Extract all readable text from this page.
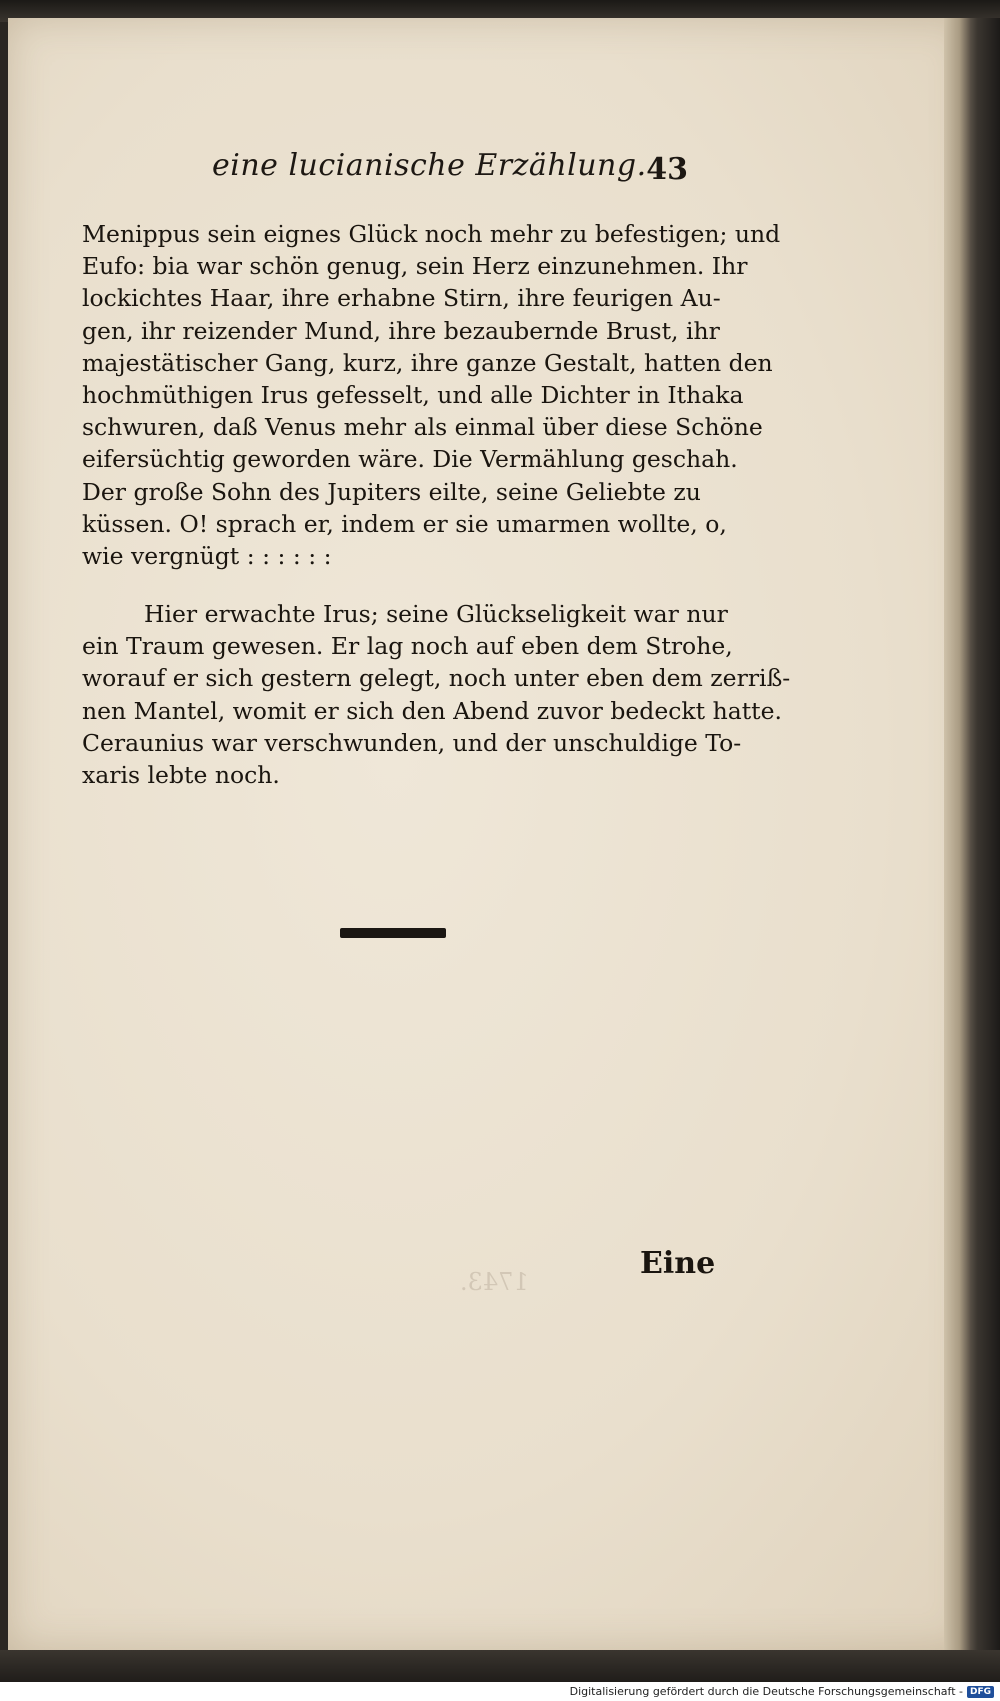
eine lucianische Erzählung. 43
Menippus sein eignes Glück noch mehr zu befestigen; und
Eufo: bia war schön genug, sein Herz einzunehmen. Ihr
lockichtes Haar, ihre erhabne Stirn, ihre feurigen Au-
gen, ihr reizender Mund, ihre bezaubernde Brust, ihr
majestätischer Gang, kurz, ihre ganze Gestalt, hatten den
hochmüthigen Irus gefesselt, und alle Dichter in Ithaka
schwuren, daß Venus mehr als einmal über diese Schöne
eifersüchtig geworden wäre. Die Vermählung geschah.
Der große Sohn des Jupiters eilte, seine Geliebte zu
küssen. O! sprach er, indem er sie umarmen wollte, o,
wie vergnügt : : : : : :
Hier erwachte Irus; seine Glückseligkeit war nur
ein Traum gewesen. Er lag noch auf eben dem Strohe,
worauf er sich gestern gelegt, noch unter eben dem zerriß-
nen Mantel, womit er sich den Abend zuvor bedeckt hatte.
Ceraunius war verschwunden, und der unschuldige To-
xaris lebte noch.
1743.
Eine
Digitalisierung gefördert durch die Deutsche Forschungsgemeinschaft - DFG
